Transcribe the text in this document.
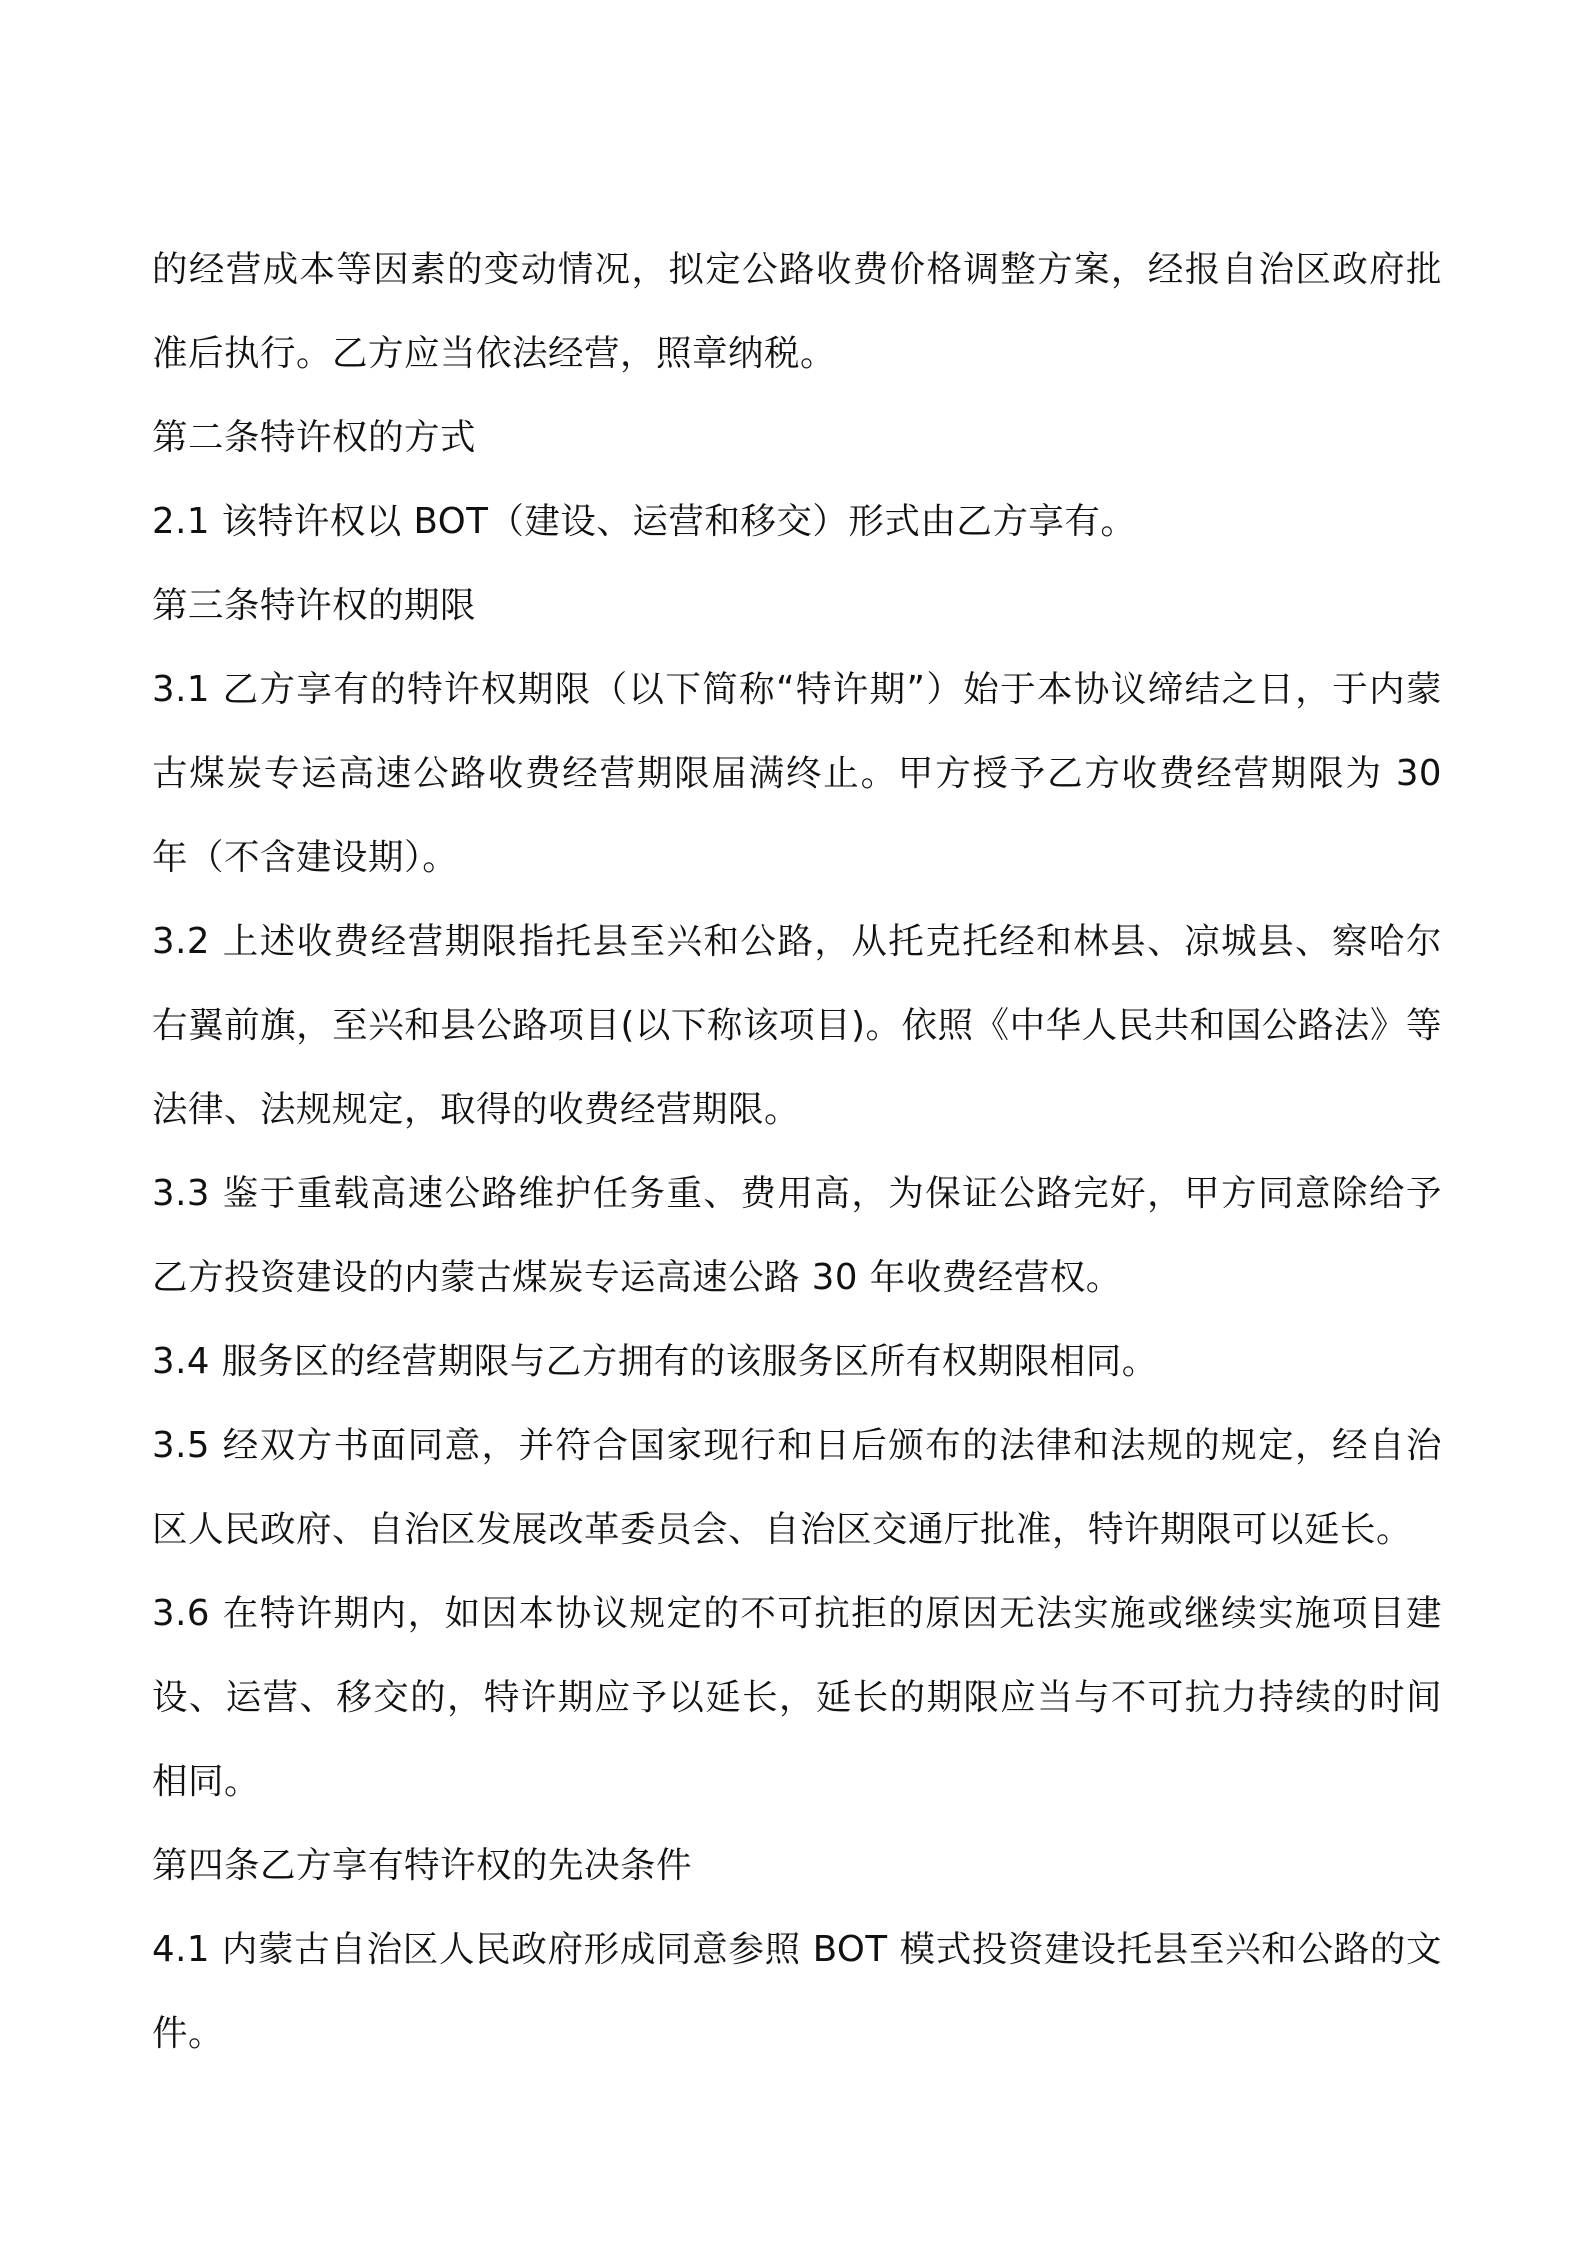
的经营成本等因素的变动情况，拟定公路收费价格调整方案，经报自治区政府批准后执行。乙方应当依法经营，照章纳税。

第二条特许权的方式

2.1 该特许权以 BOT（建设、运营和移交）形式由乙方享有。

第三条特许权的期限

3.1 乙方享有的特许权期限（以下简称“特许期”）始于本协议缔结之日，于内蒙古煤炭专运高速公路收费经营期限届满终止。甲方授予乙方收费经营期限为 30 年（不含建设期）。

3.2 上述收费经营期限指托县至兴和公路，从托克托经和林县、凉城县、察哈尔右翼前旗，至兴和县公路项目(以下称该项目)。依照《中华人民共和国公路法》等法律、法规规定，取得的收费经营期限。

3.3 鉴于重载高速公路维护任务重、费用高，为保证公路完好，甲方同意除给予乙方投资建设的内蒙古煤炭专运高速公路 30 年收费经营权。

3.4 服务区的经营期限与乙方拥有的该服务区所有权期限相同。

3.5 经双方书面同意，并符合国家现行和日后颁布的法律和法规的规定，经自治区人民政府、自治区发展改革委员会、自治区交通厅批准，特许期限可以延长。

3.6 在特许期内，如因本协议规定的不可抗拒的原因无法实施或继续实施项目建设、运营、移交的，特许期应予以延长，延长的期限应当与不可抗力持续的时间相同。

第四条乙方享有特许权的先决条件

4.1 内蒙古自治区人民政府形成同意参照 BOT 模式投资建设托县至兴和公路的文件。
